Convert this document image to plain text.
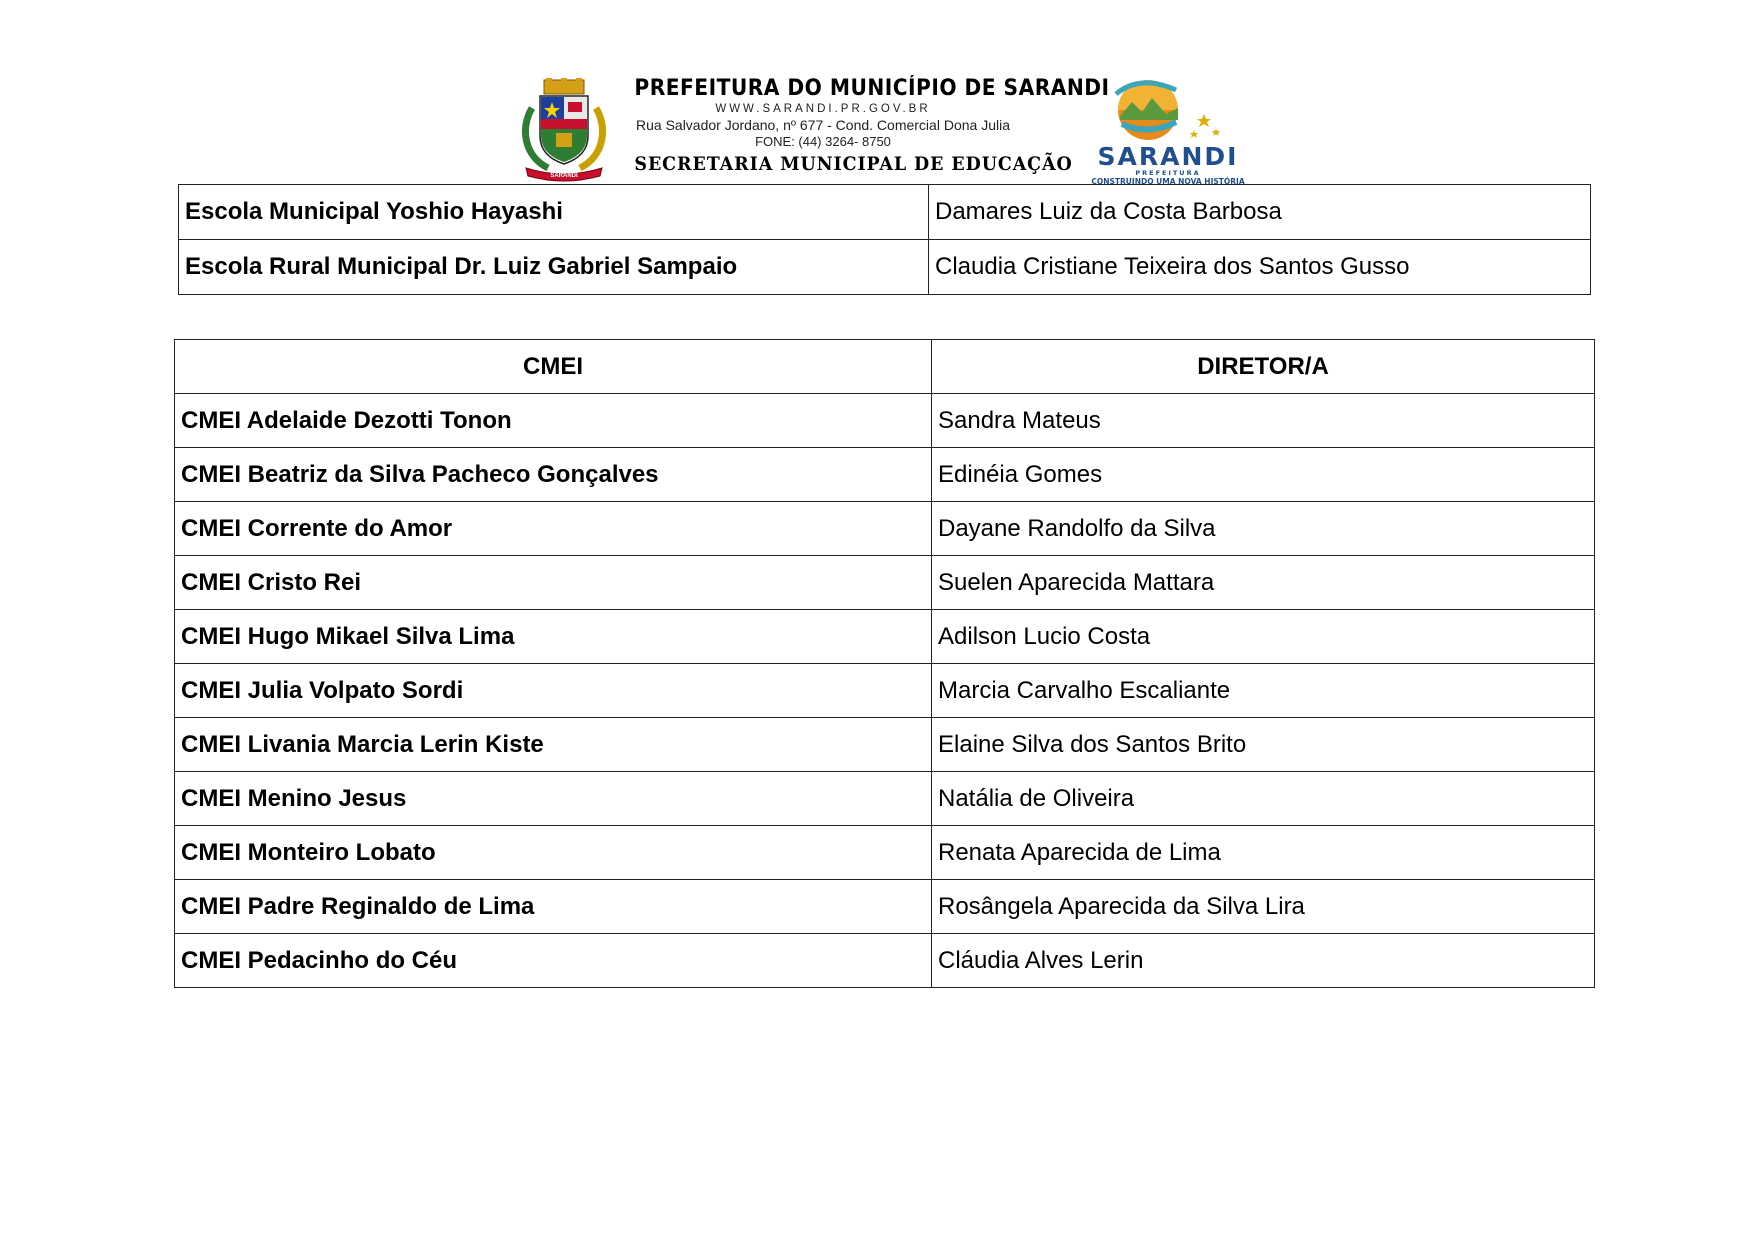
SARANDI
PREFEITURA DO MUNICÍPIO DE SARANDI
WWW.SARANDI.PR.GOV.BR
Rua Salvador Jordano, nº 677 - Cond. Comercial Dona Julia
FONE: (44) 3264- 8750
SECRETARIA MUNICIPAL DE EDUCAÇÃO SARANDI
PREFEITURA
CONSTRUINDO UMA NOVA HISTÓRIA
Escola Municipal Yoshio Hayashi	Damares Luiz da Costa Barbosa
Escola Rural Municipal Dr. Luiz Gabriel Sampaio	Claudia Cristiane Teixeira dos Santos Gusso
CMEI	DIRETOR/A
CMEI Adelaide Dezotti Tonon	Sandra Mateus
CMEI Beatriz da Silva Pacheco Gonçalves	Edinéia Gomes
CMEI Corrente do Amor	Dayane Randolfo da Silva
CMEI Cristo Rei	Suelen Aparecida Mattara
CMEI Hugo Mikael Silva Lima	Adilson Lucio Costa
CMEI Julia Volpato Sordi	Marcia Carvalho Escaliante
CMEI Livania Marcia Lerin Kiste	Elaine Silva dos Santos Brito
CMEI Menino Jesus	Natália de Oliveira
CMEI Monteiro Lobato	Renata Aparecida de Lima
CMEI Padre Reginaldo de Lima	Rosângela Aparecida da Silva Lira
CMEI Pedacinho do Céu	Cláudia Alves Lerin
